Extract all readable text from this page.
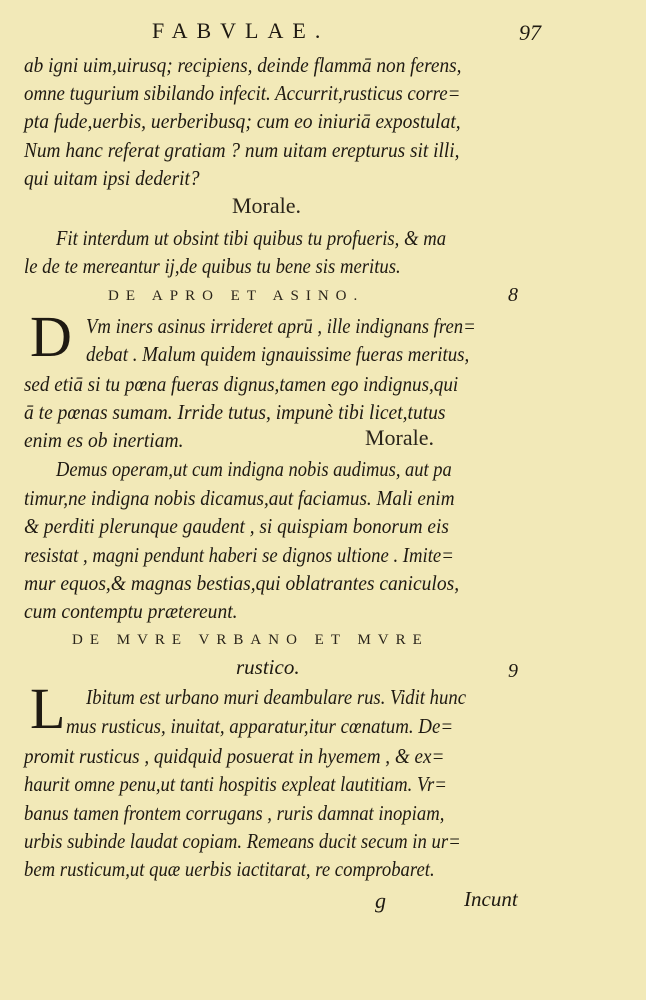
FABVLAE.	97
ab igni uim,uirusq; recipiens, deinde flammā non ferens,
omne tugurium sibilando infecit. Accurrit,rusticus corre=
pta fude,uerbis, uerberibusq; cum eo iniuriā expostulat,
Num hanc referat gratiam ? num uitam erepturus sit illi,
qui uitam ipsi dederit?
Morale.
Fit interdum ut obsint tibi quibus tu profueris, & ma
le de te mereantur ij,de quibus tu bene sis meritus.
DE APRO ET ASINO.	8
D Vm iners asinus irrideret aprū , ille indignans fren=
debat . Malum quidem ignauissime fueras meritus,
sed etiā si tu pœna fueras dignus,tamen ego indignus,qui
ā te pœnas sumam. Irride tutus, impunè tibi licet,tutus
enim es ob inertiam.	Morale.
Demus operam,ut cum indigna nobis audimus, aut pa
timur,ne indigna nobis dicamus,aut faciamus. Mali enim
& perditi plerunque gaudent , si quispiam bonorum eis
resistat , magni pendunt haberi se dignos ultione . Imite=
mur equos,& magnas bestias,qui oblatrantes caniculos,
cum contemptu prætereunt.
DE MVRE VRBANO ET MVRE
rustico.	9
L Ibitum est urbano muri deambulare rus. Vidit hunc
mus rusticus, inuitat, apparatur,itur cœnatum. De=
promit rusticus , quidquid posuerat in hyemem , & ex=
haurit omne penu,ut tanti hospitis expleat lautitiam. Vr=
banus tamen frontem corrugans , ruris damnat inopiam,
urbis subinde laudat copiam. Remeans ducit secum in ur=
bem rusticum,ut quæ uerbis iactitarat, re comprobaret.
g	Incunt
